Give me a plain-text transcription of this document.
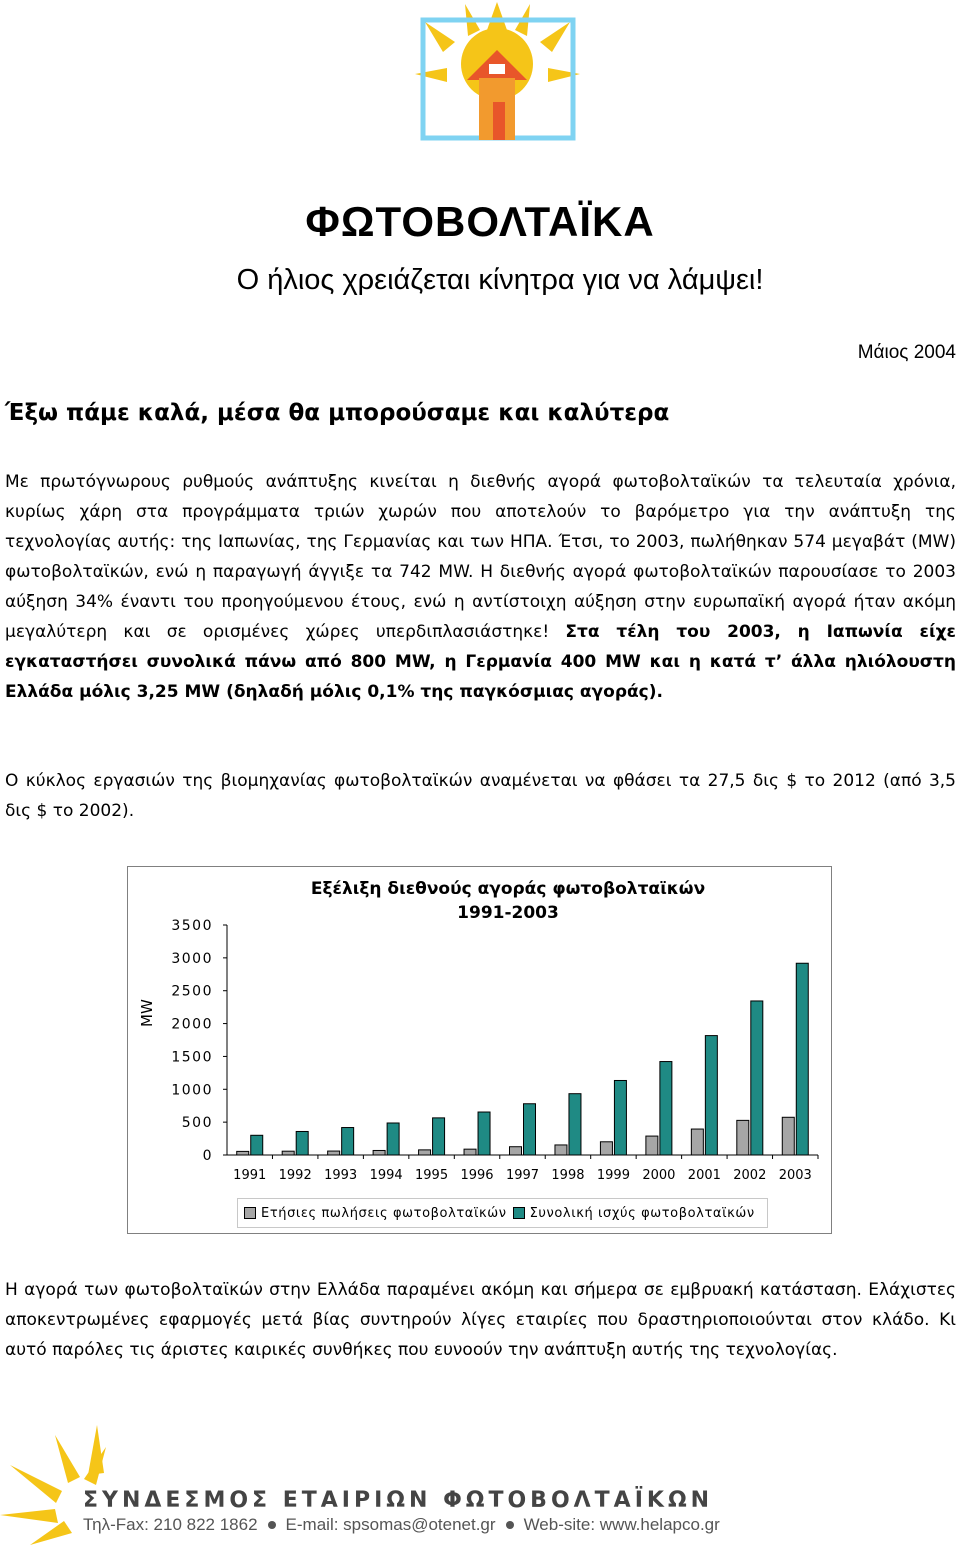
ΦΩΤΟΒΟΛΤΑΪΚΑ
Ο ήλιος χρειάζεται κίνητρα για να λάμψει!
Μάιος 2004
Έξω πάμε καλά, μέσα θα μπορούσαμε και καλύτερα

Με πρωτόγνωρους ρυθμούς ανάπτυξης κινείται η διεθνής αγορά φωτοβολταϊκών τα τελευταία χρόνια, κυρίως χάρη στα προγράμματα τριών χωρών που αποτελούν το βαρόμετρο για την ανάπτυξη της τεχνολογίας αυτής: της Ιαπωνίας, της Γερμανίας και των ΗΠΑ. Έτσι, το 2003, πωλήθηκαν 574 μεγαβάτ (MW) φωτοβολταϊκών, ενώ η παραγωγή άγγιξε τα 742 MW. Η διεθνής αγορά φωτοβολταϊκών παρουσίασε το 2003 αύξηση 34% έναντι του προηγούμενου έτους, ενώ η αντίστοιχη αύξηση στην ευρωπαϊκή αγορά ήταν ακόμη μεγαλύτερη και σε ορισμένες χώρες υπερδιπλασιάστηκε! Στα τέλη του 2003, η Ιαπωνία είχε εγκαταστήσει συνολικά πάνω από 800 MW, η Γερμανία 400 MW και η κατά τ’ άλλα ηλιόλουστη Ελλάδα μόλις 3,25 MW (δηλαδή μόλις 0,1% της παγκόσμιας αγοράς).

Ο κύκλος εργασιών της βιομηχανίας φωτοβολταϊκών αναμένεται να φθάσει τα 27,5 δις $ το 2012 (από 3,5 δις $ το 2002).

Εξέλιξη διεθνούς αγοράς φωτοβολταϊκών
1991-2003
MW
0
500
1000
1500
2000
2500
3000
3500
1991 1992 1993 1994 1995 1996 1997 1998 1999 2000 2001 2002 2003
Ετήσιες πωλήσεις φωτοβολταϊκών Συνολική ισχύς φωτοβολταϊκών

Η αγορά των φωτοβολταϊκών στην Ελλάδα παραμένει ακόμη και σήμερα σε εμβρυακή κατάσταση. Ελάχιστες αποκεντρωμένες εφαρμογές μετά βίας συντηρούν λίγες εταιρίες που δραστηριοποιούνται στον κλάδο. Κι αυτό παρόλες τις άριστες καιρικές συνθήκες που ευνοούν την ανάπτυξη αυτής της τεχνολογίας.

ΣΥΝΔΕΣΜΟΣ ΕΤΑΙΡΙΩΝ ΦΩΤΟΒΟΛΤΑΪΚΩΝ
Τηλ-Fax: 210 822 1862 E-mail: spsomas@otenet.gr Web-site: www.helapco.gr
